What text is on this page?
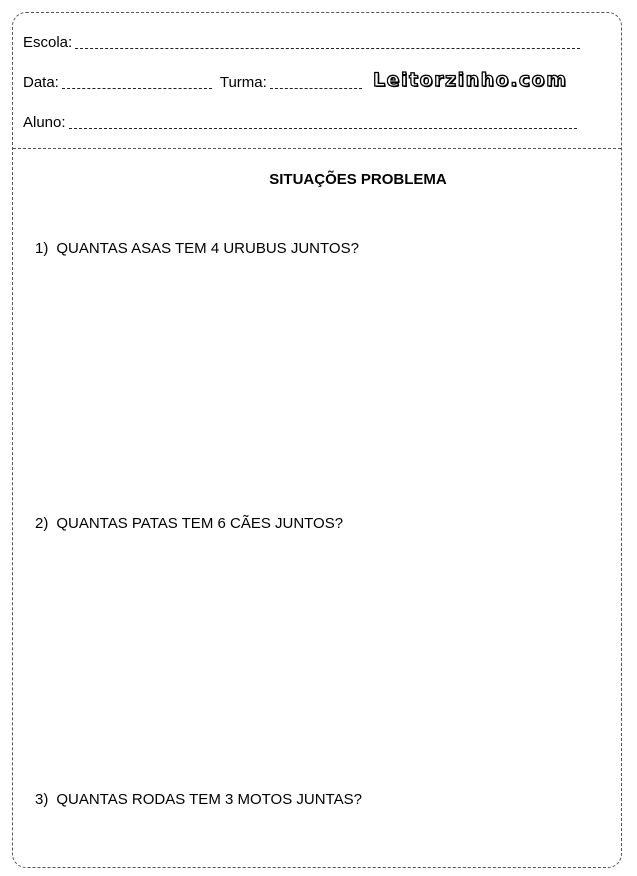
Escola:
Data:	Turma:	Leitorzinho.com
Aluno:
SITUAÇÕES PROBLEMA
1) QUANTAS ASAS TEM 4 URUBUS JUNTOS?
2) QUANTAS PATAS TEM 6 CÃES JUNTOS?
3) QUANTAS RODAS TEM 3 MOTOS JUNTAS?
